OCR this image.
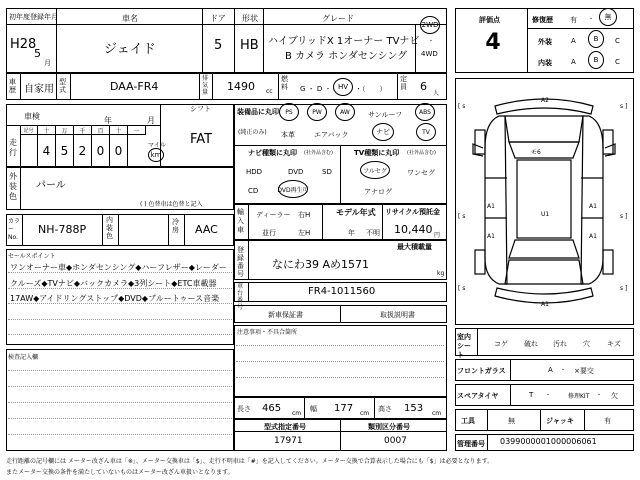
初年度登録年月
H28
5
月
車名
ジェイド
ドア
5
形状
HB
グレード
ハイブリッドX 1オーナー TVナビ
B カメラ ホンダセンシング
2WD
・
4WD
車歴 自家用
型式	DAA-FR4
排気量	1490 cc
燃料	G ・ D ・ HV ・（　　）
定員 6
人
車検	年	月
シフト
走行
記号	十	万	千	百	十	一
4 5 2 0 0	マイル
km
FAT
外装色
パール
( ) 色替車は色替と記入
カラーNo.
NH-788P
内装色
冷房 AAC
セールスポイント
ワンオーナー車◆ホンダセンシング◆ハーフレザー◆レーダー
クルーズ◆TVナビ◆バックカメラ◆3列シート◆ETC車載器
17AW◆アイドリングストップ◆DVD◆ブルートゥース音楽
検査記入欄
装備品に丸印
(純正のみ)
PS	PW	AW	サンルーフ	ABS
本革	エアバック	ナビ	TV
ナビ種類に丸印 (社外品含む)	TV種類に丸印 (社外品含む)
HDD	DVD	SD
CD	DVD再生可
フルセグ	ワンセグ
アナログ
輸入車
ディーラー
並行
右H
左H
モデル年式
年 不明
リサイクル預託金
10,440 円
登録番号
最大積載量
なにわ39 Aめ1571
kg
車台番号
FR4-1011560
新車保証書	取扱説明書
注意事項・不具合箇所
長さ 465 cm
幅 177 cm
高さ 153 cm
型式指定番号	類別区分番号
17971	0007
評価点
4
修復歴 有 ・	無
外装	A	B	C
内装	A	B	C
[ s	s ]
[ s	s ]
[ s	s ]
A2
モ6
A1	A1
U1
A1	A1
A1
室内シート
コゲ 破れ 汚れ 穴 キズ
フロントガラス	A ・ ×要交
スペアタイヤ	T ・	修理KIT ・ 欠
工具	無	ジャッキ	有
管理番号 0399000001000006061
走行距離の記号欄には メーター改ざん車は「※」、メーター交換車は「$」、走行不明車は「#」を記入してください。メーター交換で合算表示した場合にも「$」は必要となります。
またメーター交換の条件を満たしていないものはメーター改ざん車扱いとなります。
